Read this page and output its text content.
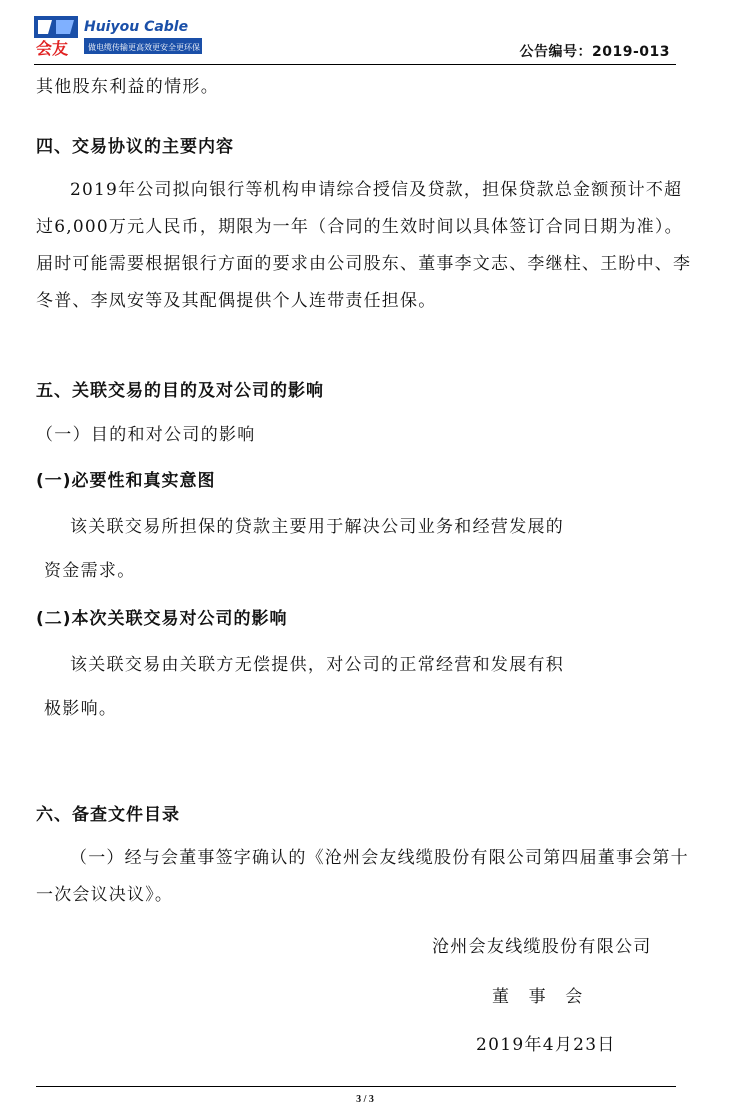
会友
Huiyou Cable
做电缆传输更高效更安全更环保	公告编号：2019-013
其他股东利益的情形。
四、交易协议的主要内容
2019年公司拟向银行等机构申请综合授信及贷款，担保贷款总金额预计不超过6,000万元人民币，期限为一年（合同的生效时间以具体签订合同日期为准）。届时可能需要根据银行方面的要求由公司股东、董事李文志、李继柱、王盼中、李冬普、李凤安等及其配偶提供个人连带责任担保。
五、关联交易的目的及对公司的影响
（一）目的和对公司的影响
(一)必要性和真实意图
该关联交易所担保的贷款主要用于解决公司业务和经营发展的
资金需求。
(二)本次关联交易对公司的影响
该关联交易由关联方无偿提供，对公司的正常经营和发展有积
极影响。
六、备查文件目录
（一）经与会董事签字确认的《沧州会友线缆股份有限公司第四届董事会第十一次会议决议》。
沧州会友线缆股份有限公司
董　事　会
2019年4月23日
3 / 3
